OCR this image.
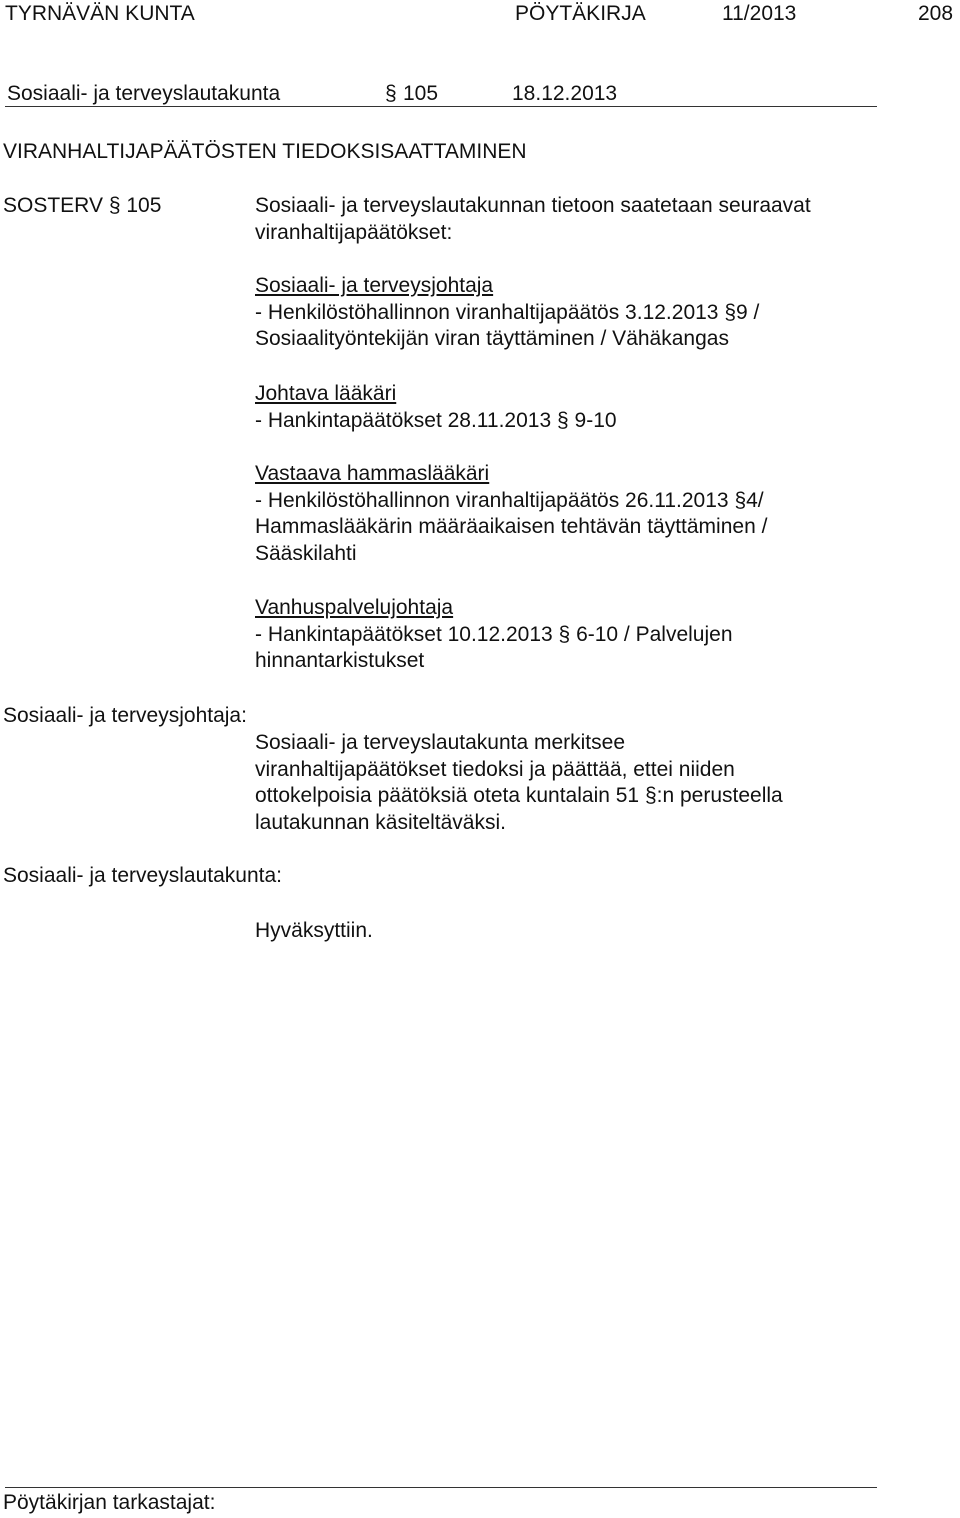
TYRNÄVÄN KUNTA	PÖYTÄKIRJA	11/2013	208
Sosiaali- ja terveyslautakunta	§ 105	18.12.2013
VIRANHALTIJAPÄÄTÖSTEN TIEDOKSISAATTAMINEN
SOSTERV § 105	Sosiaali- ja terveyslautakunnan tietoon saatetaan seuraavat
viranhaltijapäätökset:
Sosiaali- ja terveysjohtaja
- Henkilöstöhallinnon viranhaltijapäätös 3.12.2013 §9 /
Sosiaalityöntekijän viran täyttäminen / Vähäkangas
Johtava lääkäri
- Hankintapäätökset 28.11.2013 § 9-10
Vastaava hammaslääkäri
- Henkilöstöhallinnon viranhaltijapäätös 26.11.2013 §4/
Hammaslääkärin määräaikaisen tehtävän täyttäminen /
Sääskilahti
Vanhuspalvelujohtaja
- Hankintapäätökset 10.12.2013 § 6-10 / Palvelujen
hinnantarkistukset
Sosiaali- ja terveysjohtaja:
Sosiaali- ja terveyslautakunta merkitsee
viranhaltijapäätökset tiedoksi ja päättää, ettei niiden
ottokelpoisia päätöksiä oteta kuntalain 51 §:n perusteella
lautakunnan käsiteltäväksi.
Sosiaali- ja terveyslautakunta:
Hyväksyttiin.
Pöytäkirjan tarkastajat:
